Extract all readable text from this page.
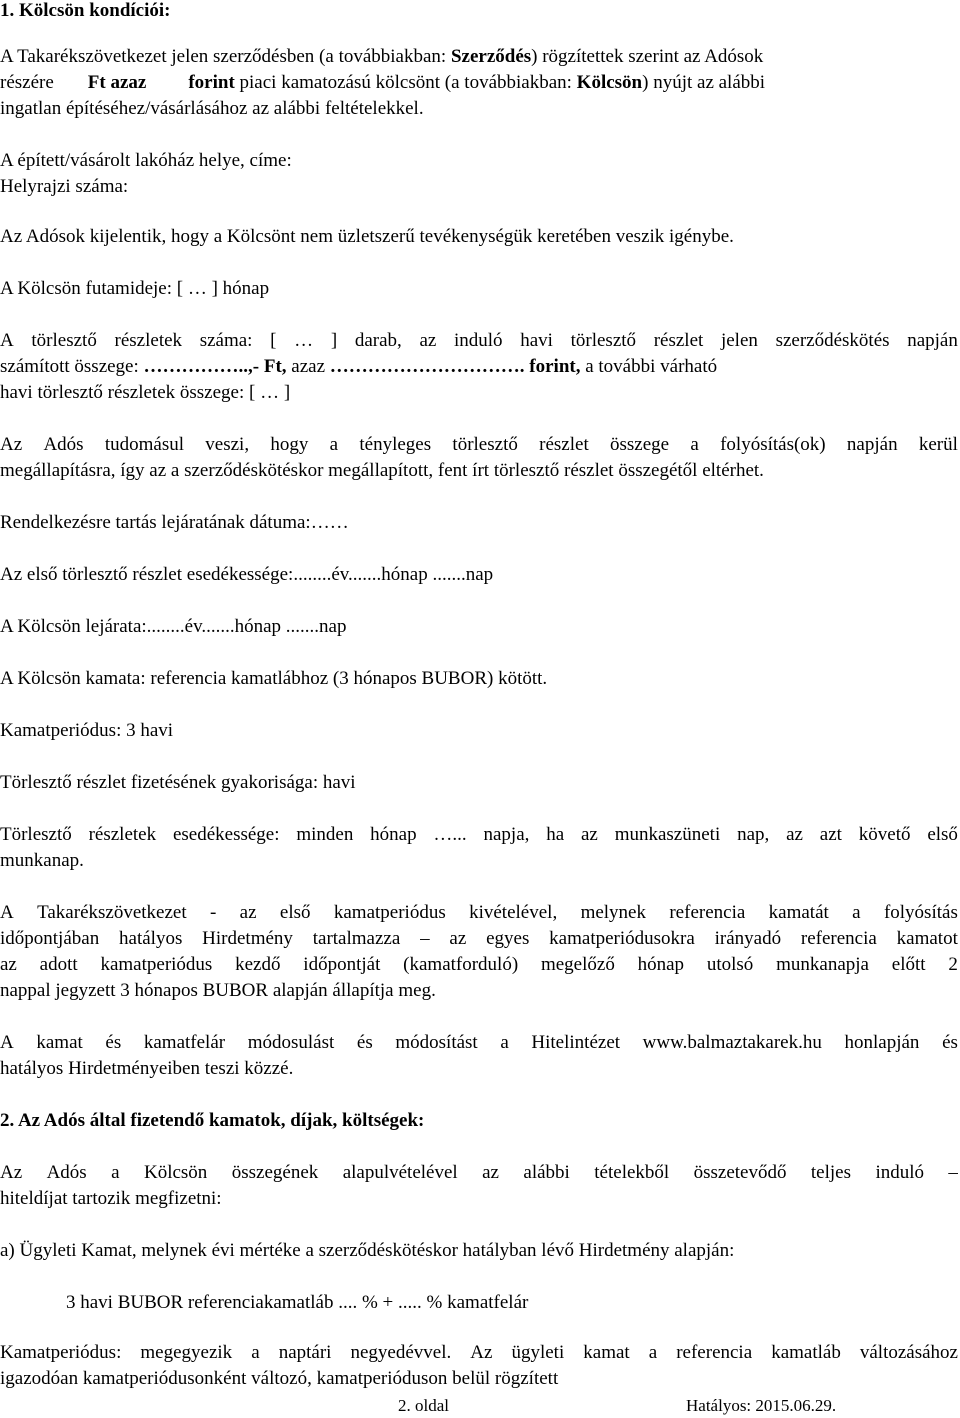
1. Kölcsön kondíciói:
A Takarékszövetkezet jelen szerződésben (a továbbiakban: Szerződés) rögzítettek szerint az Adósok
részére Ft azaz forint piaci kamatozású kölcsönt (a továbbiakban: Kölcsön) nyújt az alábbi
ingatlan építéséhez/vásárlásához az alábbi feltételekkel.
A épített/vásárolt lakóház helye, címe:
Helyrajzi száma:
Az Adósok kijelentik, hogy a Kölcsönt nem üzletszerű tevékenységük keretében veszik igénybe.
A Kölcsön futamideje: [ … ] hónap
A törlesztő részletek száma: [ … ] darab, az induló havi törlesztő részlet jelen szerződéskötés napján
számított összege: ……………..,- Ft, azaz …………………………. forint, a további várható
havi törlesztő részletek összege: [ … ]
Az Adós tudomásul veszi, hogy a tényleges törlesztő részlet összege a folyósítás(ok) napján kerül
megállapításra, így az a szerződéskötéskor megállapított, fent írt törlesztő részlet összegétől eltérhet.
Rendelkezésre tartás lejáratának dátuma:……
Az első törlesztő részlet esedékessége:........év.......hónap .......nap
A Kölcsön lejárata:........év.......hónap .......nap
A Kölcsön kamata: referencia kamatlábhoz (3 hónapos BUBOR) kötött.
Kamatperiódus: 3 havi
Törlesztő részlet fizetésének gyakorisága: havi
Törlesztő részletek esedékessége: minden hónap …... napja, ha az munkaszüneti nap, az azt követő első
munkanap.
A Takarékszövetkezet - az első kamatperiódus kivételével, melynek referencia kamatát a folyósítás
időpontjában hatályos Hirdetmény tartalmazza – az egyes kamatperiódusokra irányadó referencia kamatot
az adott kamatperiódus kezdő időpontját (kamatforduló) megelőző hónap utolsó munkanapja előtt 2
nappal jegyzett 3 hónapos BUBOR alapján állapítja meg.
A kamat és kamatfelár módosulást és módosítást a Hitelintézet www.balmaztakarek.hu honlapján és
hatályos Hirdetményeiben teszi közzé.
2. Az Adós által fizetendő kamatok, díjak, költségek:
Az Adós a Kölcsön összegének alapulvételével az alábbi tételekből összetevődő teljes induló –
hiteldíjat tartozik megfizetni:
a) Ügyleti Kamat, melynek évi mértéke a szerződéskötéskor hatályban lévő Hirdetmény alapján:
3 havi BUBOR referenciakamatláb .... % + ..... % kamatfelár
Kamatperiódus: megegyezik a naptári negyedévvel. Az ügyleti kamat a referencia kamatláb változásához
igazodóan kamatperiódusonként változó, kamatperióduson belül rögzített
2. oldal	Hatályos: 2015.06.29.
